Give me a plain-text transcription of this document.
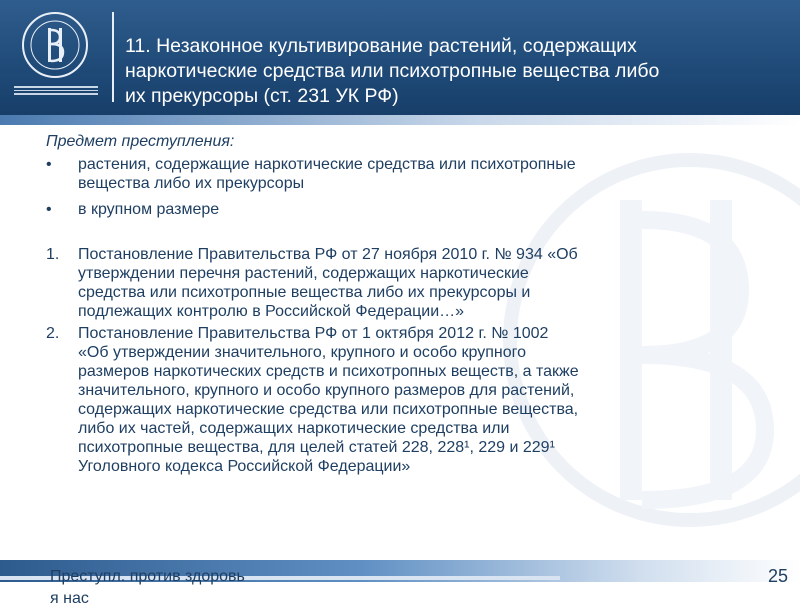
11. Незаконное культивирование растений, содержащих
наркотические средства или психотропные вещества либо
их прекурсоры (ст. 231 УК РФ)
Предмет преступления:
• растения, содержащие наркотические средства или психотропные
вещества либо их прекурсоры
• в крупном размере
1. Постановление Правительства РФ от 27 ноября 2010 г. № 934 «Об
утверждении перечня растений, содержащих наркотические
средства или психотропные вещества либо их прекурсоры и
подлежащих контролю в Российской Федерации…»
2. Постановление Правительства РФ от 1 октября 2012 г. № 1002
«Об утверждении значительного, крупного и особо крупного
размеров наркотических средств и психотропных веществ, а также
значительного, крупного и особо крупного размеров для растений,
содержащих наркотические средства или психотропные вещества,
либо их частей, содержащих наркотические средства или
психотропные вещества, для целей статей 228, 228¹, 229 и 229¹
Уголовного кодекса Российской Федерации»
Преступл. против здоровь
я нас
25
